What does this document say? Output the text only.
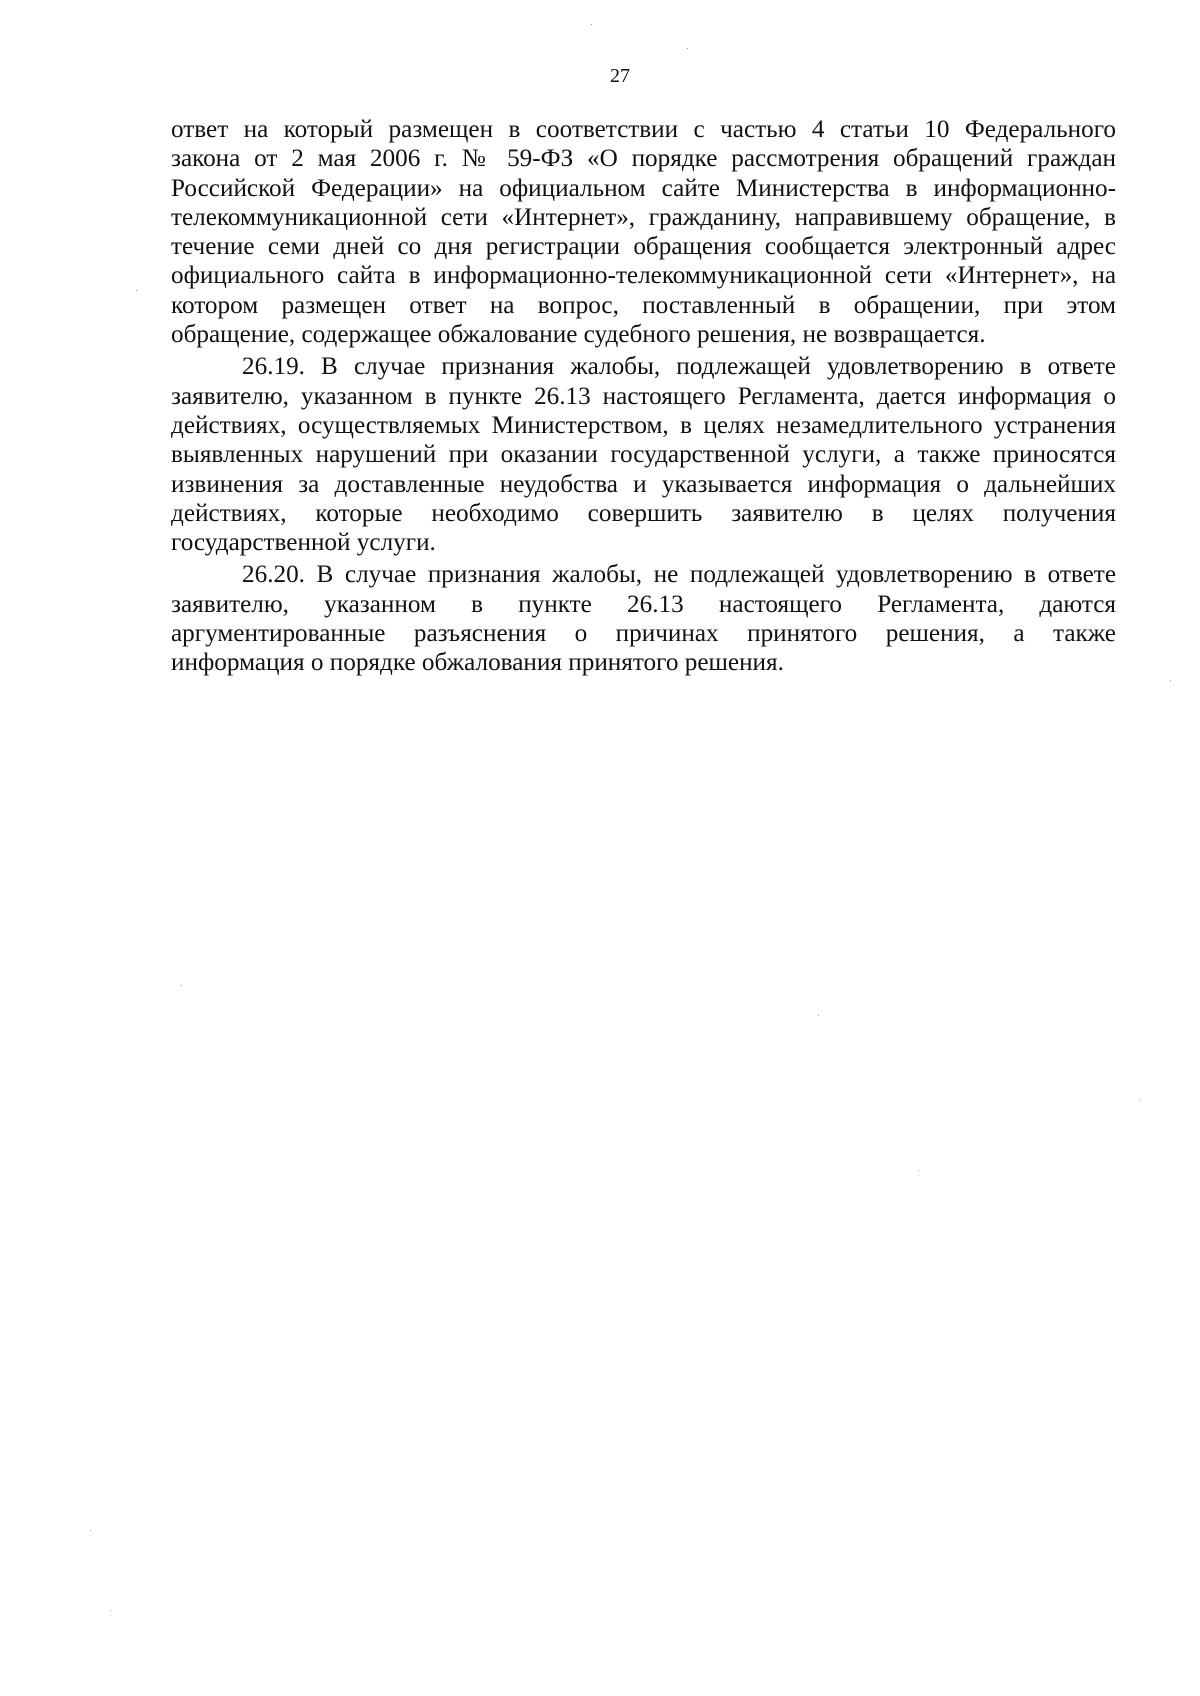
27
ответ на который размещен в соответствии с частью 4 статьи 10 Федерального
закона от 2 мая 2006 г. № 59-ФЗ «О порядке рассмотрения обращений граждан
Российской Федерации» на официальном сайте Министерства в информационно-
телекоммуникационной сети «Интернет», гражданину, направившему обращение, в
течение семи дней со дня регистрации обращения сообщается электронный адрес
официального сайта в информационно-телекоммуникационной сети «Интернет», на
котором размещен ответ на вопрос, поставленный в обращении, при этом
обращение, содержащее обжалование судебного решения, не возвращается.
26.19. В случае признания жалобы, подлежащей удовлетворению в ответе
заявителю, указанном в пункте 26.13 настоящего Регламента, дается информация о
действиях, осуществляемых Министерством, в целях незамедлительного устранения
выявленных нарушений при оказании государственной услуги, а также приносятся
извинения за доставленные неудобства и указывается информация о дальнейших
действиях, которые необходимо совершить заявителю в целях получения
государственной услуги.
26.20. В случае признания жалобы, не подлежащей удовлетворению в ответе
заявителю, указанном в пункте 26.13 настоящего Регламента, даются
аргументированные разъяснения о причинах принятого решения, а также
информация о порядке обжалования принятого решения.
